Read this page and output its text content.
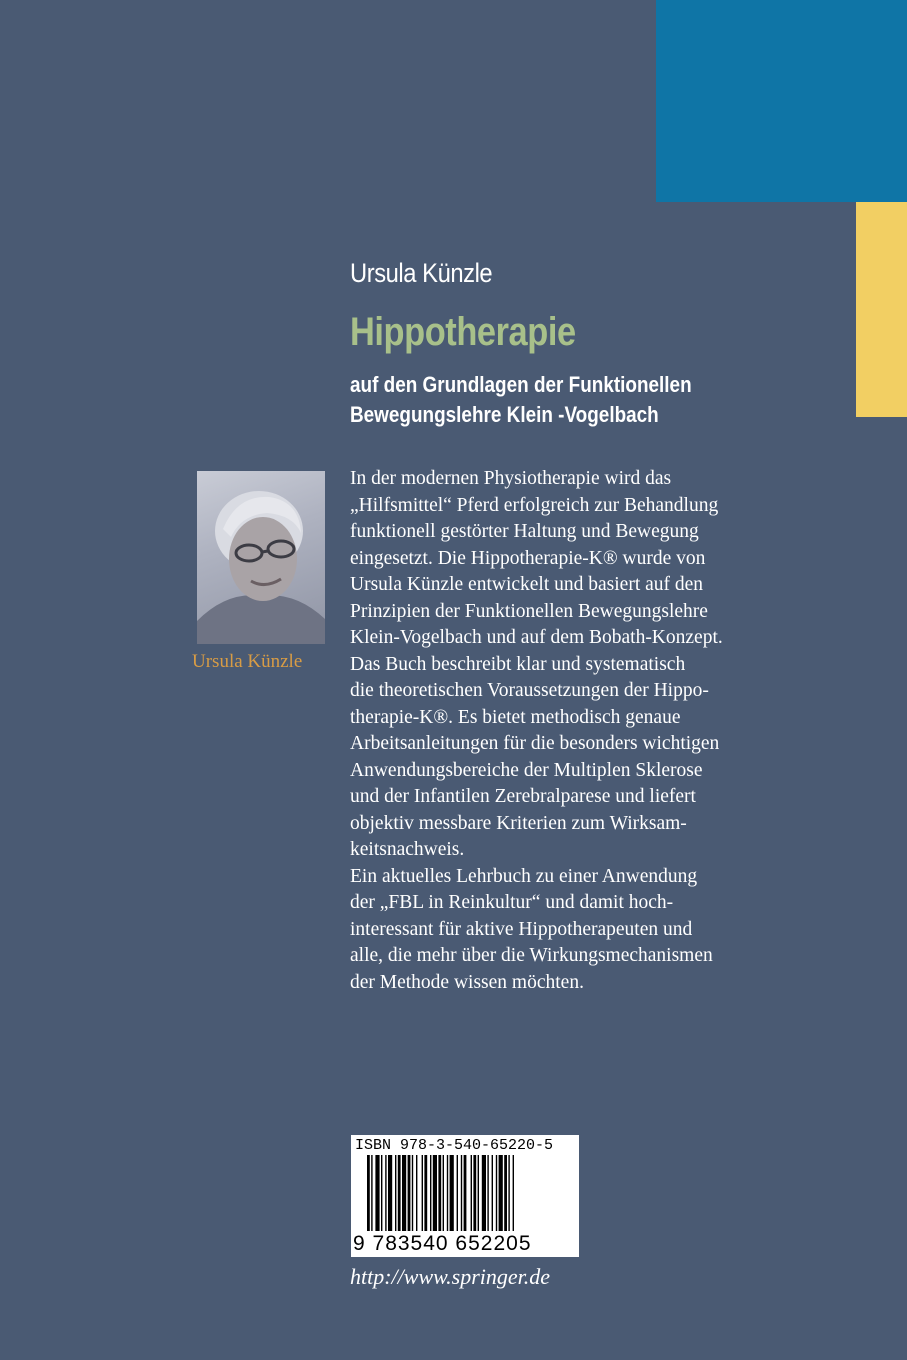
Ursula Künzle
Hippotherapie
auf den Grundlagen der Funktionellen
Bewegungslehre Klein -Vogelbach
Ursula Künzle
In der modernen Physiotherapie wird das
„Hilfsmittel“ Pferd erfolgreich zur Behandlung
funktionell gestörter Haltung und Bewegung
eingesetzt. Die Hippotherapie-K® wurde von
Ursula Künzle entwickelt und basiert auf den
Prinzipien der Funktionellen Bewegungslehre
Klein-Vogelbach und auf dem Bobath-Konzept.
Das Buch beschreibt klar und systematisch
die theoretischen Voraussetzungen der Hippo-
therapie-K®. Es bietet methodisch genaue
Arbeitsanleitungen für die besonders wichtigen
Anwendungsbereiche der Multiplen Sklerose
und der Infantilen Zerebralparese und liefert
objektiv messbare Kriterien zum Wirksam-
keitsnachweis.
Ein aktuelles Lehrbuch zu einer Anwendung
der „FBL in Reinkultur“ und damit hoch-
interessant für aktive Hippotherapeuten und
alle, die mehr über die Wirkungsmechanismen
der Methode wissen möchten.
ISBN 978-3-540-65220-5
9 783540 652205
http://www.springer.de
